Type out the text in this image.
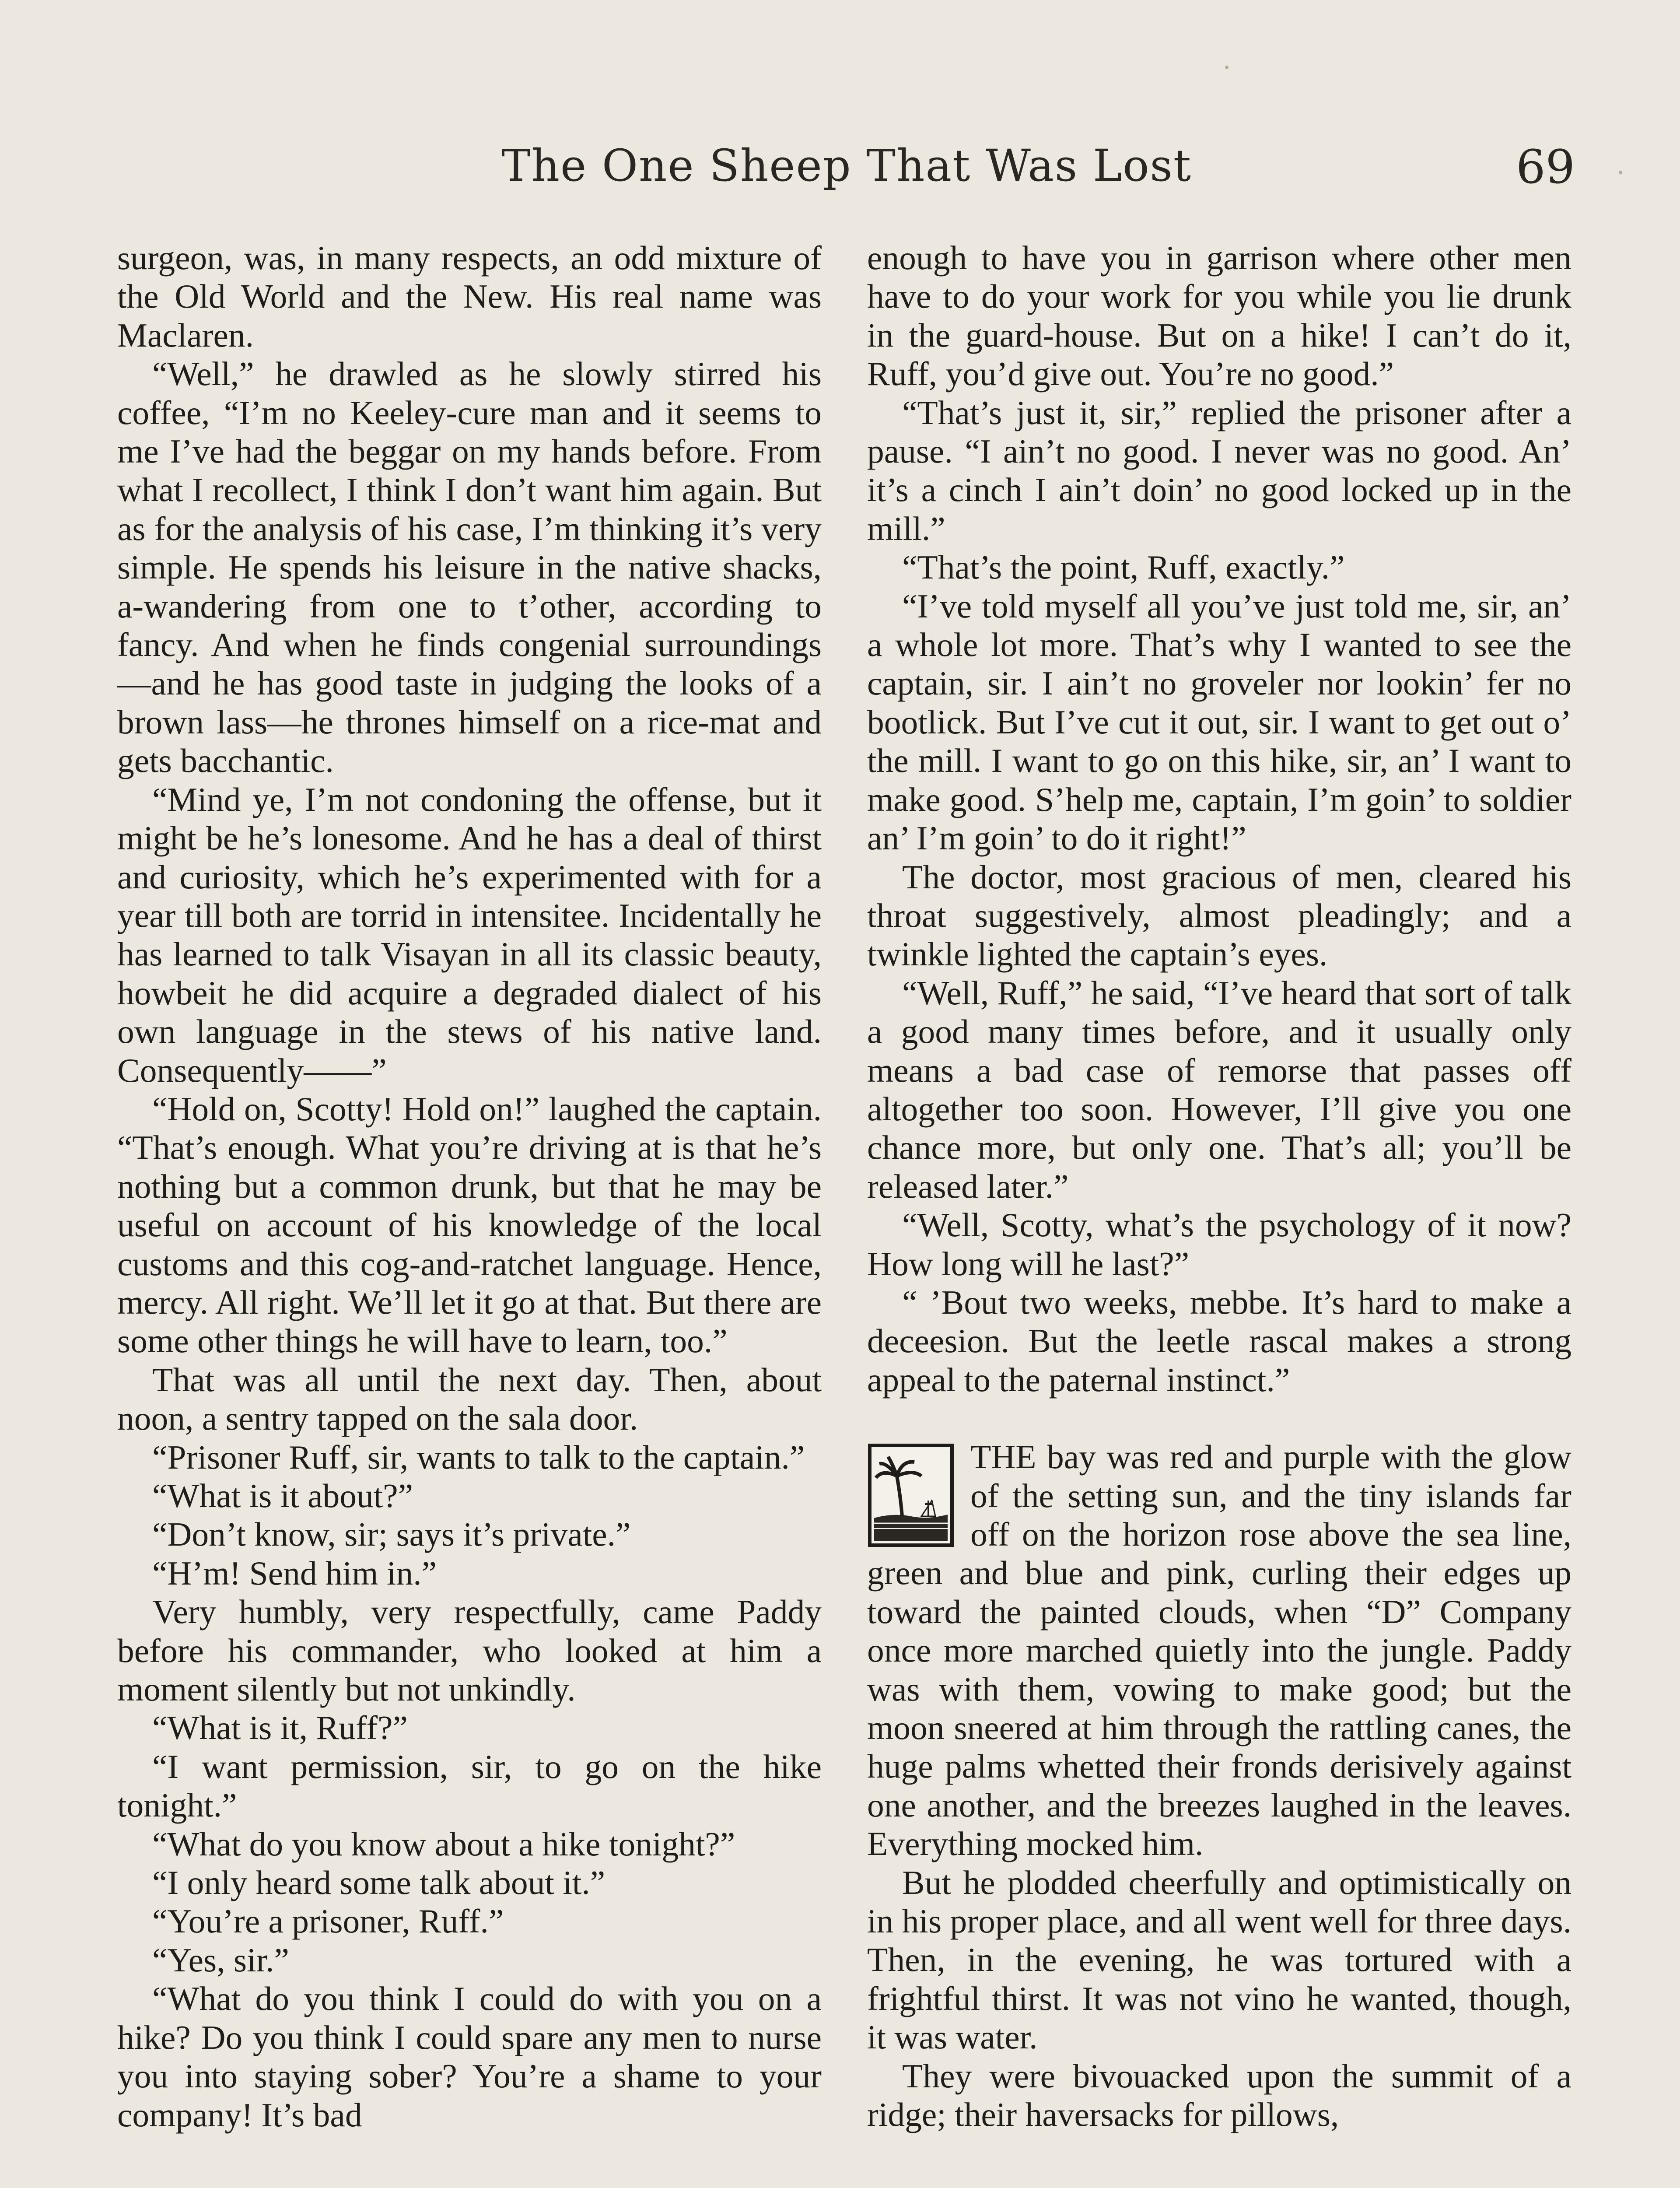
The One Sheep That Was Lost	69

surgeon, was, in many respects, an odd mixture of the Old World and the New. His real name was Maclaren.

“Well,” he drawled as he slowly stirred his coffee, “I’m no Keeley-cure man and it seems to me I’ve had the beggar on my hands before. From what I recollect, I think I don’t want him again. But as for the analysis of his case, I’m thinking it’s very simple. He spends his leisure in the native shacks, a-wandering from one to t’other, according to fancy. And when he finds congenial surroundings—and he has good taste in judging the looks of a brown lass—he thrones himself on a rice-mat and gets bacchantic.

“Mind ye, I’m not condoning the offense, but it might be he’s lonesome. And he has a deal of thirst and curiosity, which he’s experimented with for a year till both are torrid in intensitee. Incidentally he has learned to talk Visayan in all its classic beauty, howbeit he did acquire a degraded dialect of his own language in the stews of his native land. Consequently——”

“Hold on, Scotty! Hold on!” laughed the captain. “That’s enough. What you’re driving at is that he’s nothing but a common drunk, but that he may be useful on account of his knowledge of the local customs and this cog-and-ratchet language. Hence, mercy. All right. We’ll let it go at that. But there are some other things he will have to learn, too.”

That was all until the next day. Then, about noon, a sentry tapped on the sala door.

“Prisoner Ruff, sir, wants to talk to the captain.”

“What is it about?”

“Don’t know, sir; says it’s private.”

“H’m! Send him in.”

Very humbly, very respectfully, came Paddy before his commander, who looked at him a moment silently but not unkindly.

“What is it, Ruff?”

“I want permission, sir, to go on the hike tonight.”

“What do you know about a hike tonight?”

“I only heard some talk about it.”

“You’re a prisoner, Ruff.”

“Yes, sir.”

“What do you think I could do with you on a hike? Do you think I could spare any men to nurse you into staying sober? You’re a shame to your company! It’s bad

enough to have you in garrison where other men have to do your work for you while you lie drunk in the guard-house. But on a hike! I can’t do it, Ruff, you’d give out. You’re no good.”

“That’s just it, sir,” replied the prisoner after a pause. “I ain’t no good. I never was no good. An’ it’s a cinch I ain’t doin’ no good locked up in the mill.”

“That’s the point, Ruff, exactly.”

“I’ve told myself all you’ve just told me, sir, an’ a whole lot more. That’s why I wanted to see the captain, sir. I ain’t no groveler nor lookin’ fer no bootlick. But I’ve cut it out, sir. I want to get out o’ the mill. I want to go on this hike, sir, an’ I want to make good. S’help me, captain, I’m goin’ to soldier an’ I’m goin’ to do it right!”

The doctor, most gracious of men, cleared his throat suggestively, almost pleadingly; and a twinkle lighted the captain’s eyes.

“Well, Ruff,” he said, “I’ve heard that sort of talk a good many times before, and it usually only means a bad case of remorse that passes off altogether too soon. However, I’ll give you one chance more, but only one. That’s all; you’ll be released later.”

“Well, Scotty, what’s the psychology of it now? How long will he last?”

“ ’Bout two weeks, mebbe. It’s hard to make a deceesion. But the leetle rascal makes a strong appeal to the paternal instinct.”

THE bay was red and purple with the glow of the setting sun, and the tiny islands far off on the horizon rose above the sea line, green and blue and pink, curling their edges up toward the painted clouds, when “D” Company once more marched quietly into the jungle. Paddy was with them, vowing to make good; but the moon sneered at him through the rattling canes, the huge palms whetted their fronds derisively against one another, and the breezes laughed in the leaves. Everything mocked him.

But he plodded cheerfully and optimistically on in his proper place, and all went well for three days. Then, in the evening, he was tortured with a frightful thirst. It was not vino he wanted, though, it was water.

They were bivouacked upon the summit of a ridge; their haversacks for pillows,
